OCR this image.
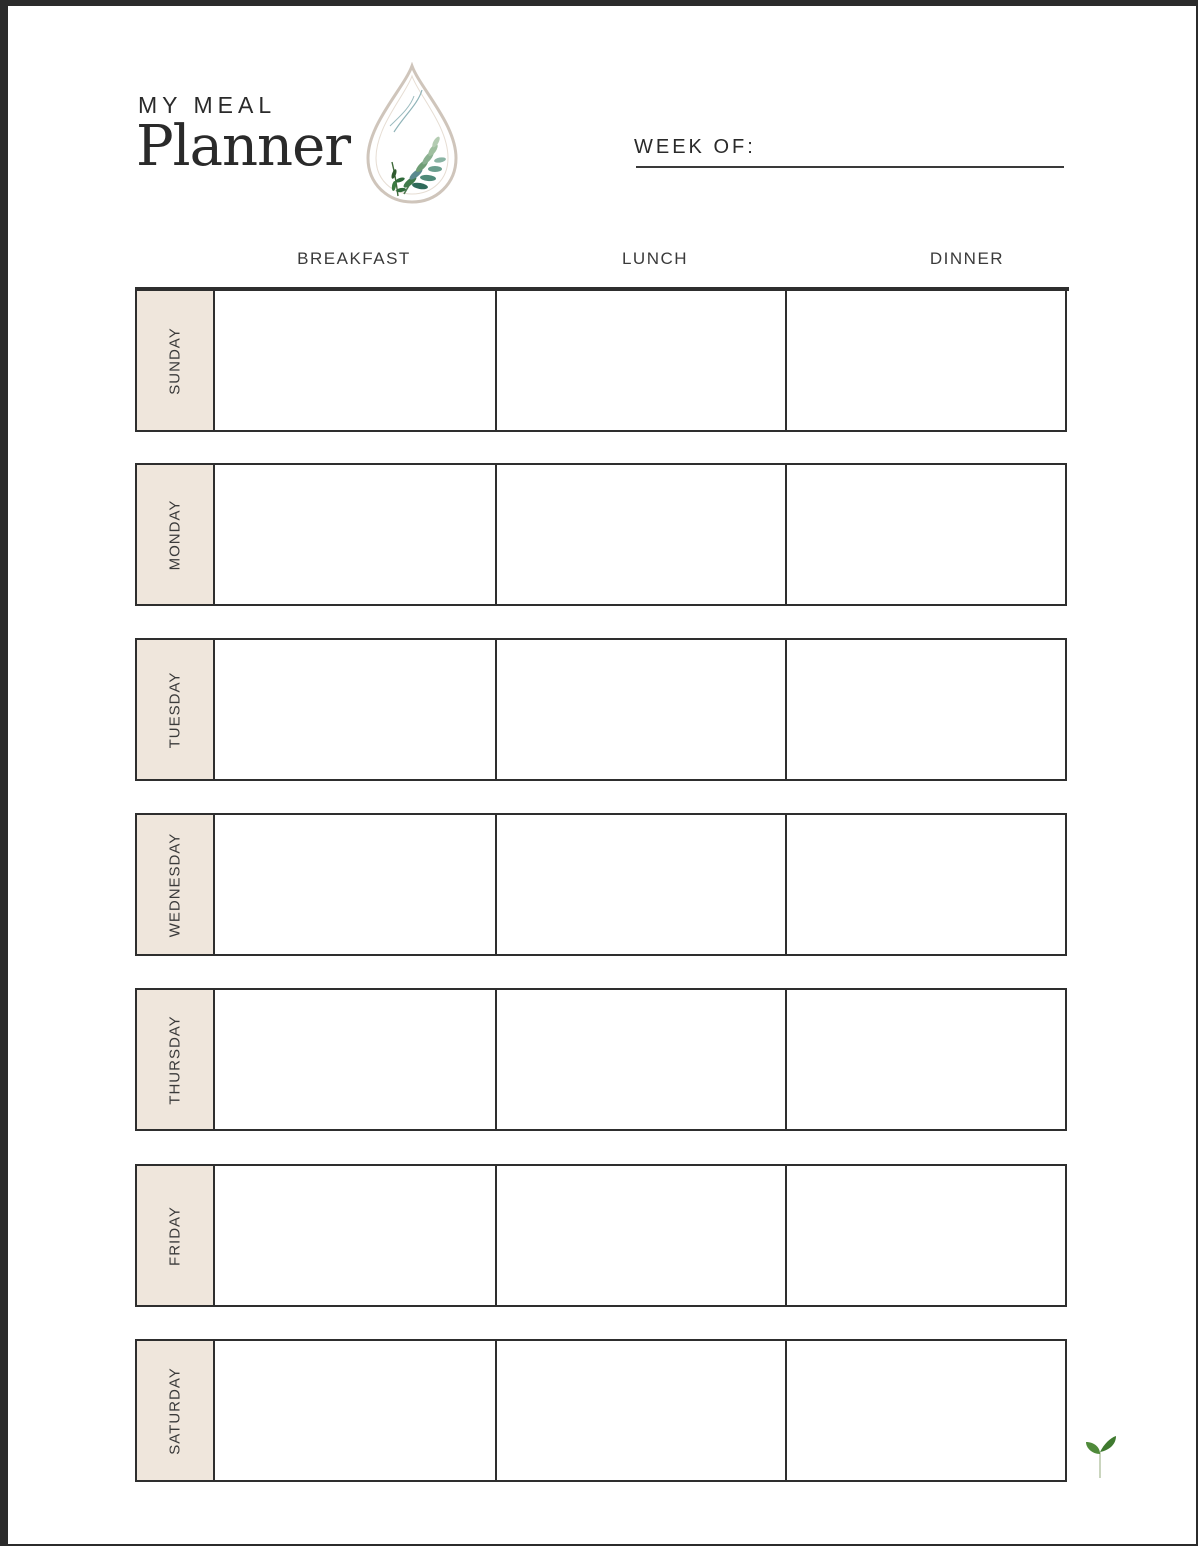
MY MEAL
Planner	WEEK OF:
BREAKFAST	LUNCH	DINNER
SUNDAY
MONDAY
TUESDAY
WEDNESDAY
THURSDAY
FRIDAY
SATURDAY
